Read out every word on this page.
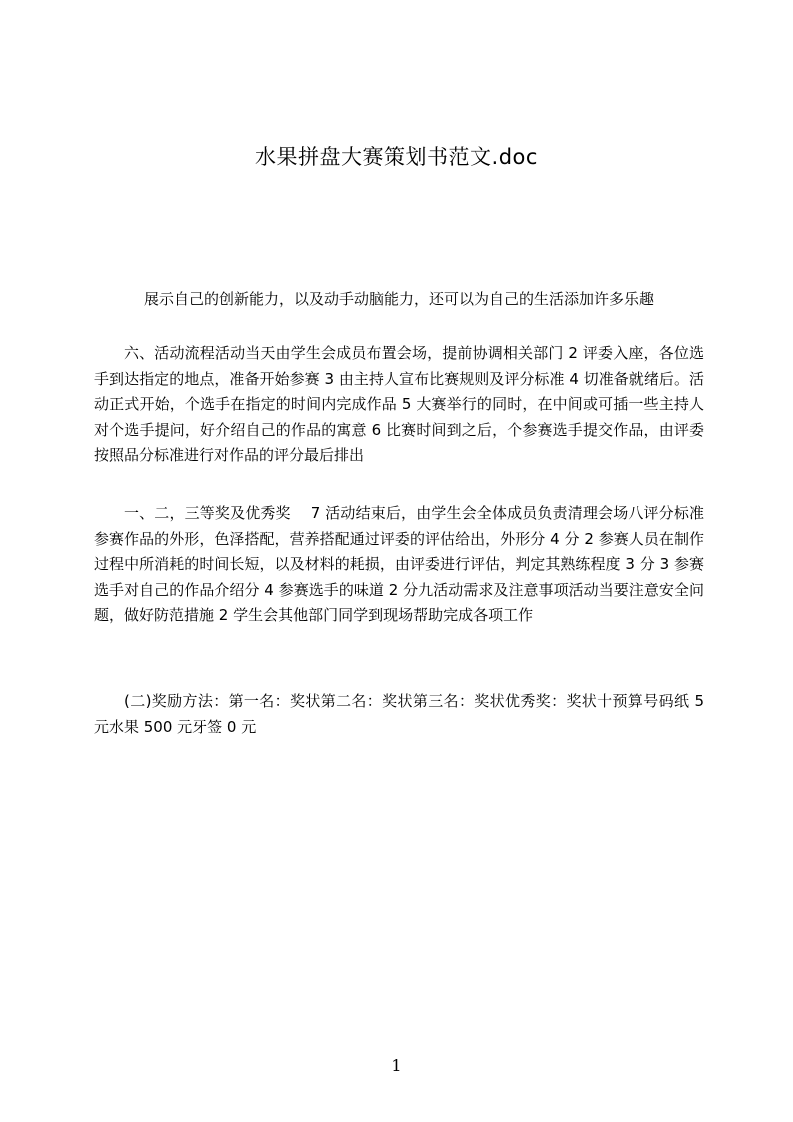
水果拼盘大赛策划书范文.doc
展示自己的创新能力，以及动手动脑能力，还可以为自己的生活添加许多乐趣
六、活动流程活动当天由学生会成员布置会场，提前协调相关部门 2 评委入座，各位选手到达指定的地点，准备开始参赛 3 由主持人宣布比赛规则及评分标准 4 切准备就绪后。活动正式开始，个选手在指定的时间内完成作品 5 大赛举行的同时，在中间或可插一些主持人对个选手提问，好介绍自己的作品的寓意 6 比赛时间到之后，个参赛选手提交作品，由评委按照品分标准进行对作品的评分最后排出
一、二，三等奖及优秀奖　 7 活动结束后，由学生会全体成员负责清理会场八评分标准参赛作品的外形，色泽搭配，营养搭配通过评委的评估给出，外形分 4 分 2 参赛人员在制作过程中所消耗的时间长短，以及材料的耗损，由评委进行评估，判定其熟练程度 3 分 3 参赛选手对自己的作品介绍分 4 参赛选手的味道 2 分九活动需求及注意事项活动当要注意安全问题，做好防范措施 2 学生会其他部门同学到现场帮助完成各项工作
(二)奖励方法：第一名：奖状第二名：奖状第三名：奖状优秀奖：奖状十预算号码纸 5 元水果 500 元牙签 0 元
1
